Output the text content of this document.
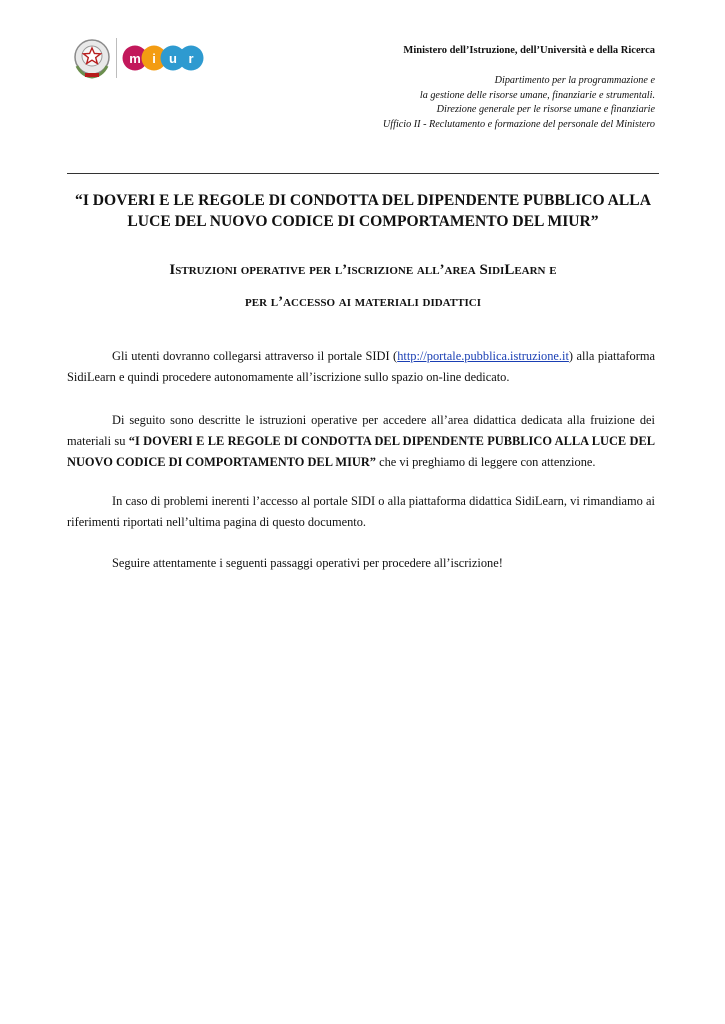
m i u r
Ministero dell’Istruzione, dell’Università e della Ricerca
Dipartimento per la programmazione e
la gestione delle risorse umane, finanziarie e strumentali.
Direzione generale per le risorse umane e finanziarie
Ufficio II - Reclutamento e formazione del personale del Ministero
“I DOVERI E LE REGOLE DI CONDOTTA DEL DIPENDENTE PUBBLICO ALLA
LUCE DEL NUOVO CODICE DI COMPORTAMENTO DEL MIUR”
Istruzioni operative per l’iscrizione all’area SidiLearn e
per l’accesso ai materiali didattici

Gli utenti dovranno collegarsi attraverso il portale SIDI (http://portale.pubblica.istruzione.it) alla piattaforma SidiLearn e quindi procedere autonomamente all’iscrizione sullo spazio on-line dedicato.

Di seguito sono descritte le istruzioni operative per accedere all’area didattica dedicata alla fruizione dei materiali su “I DOVERI E LE REGOLE DI CONDOTTA DEL DIPENDENTE PUBBLICO ALLA LUCE DEL NUOVO CODICE DI COMPORTAMENTO DEL MIUR” che vi preghiamo di leggere con attenzione.

In caso di problemi inerenti l’accesso al portale SIDI o alla piattaforma didattica SidiLearn, vi rimandiamo ai riferimenti riportati nell’ultima pagina di questo documento.

Seguire attentamente i seguenti passaggi operativi per procedere all’iscrizione!
